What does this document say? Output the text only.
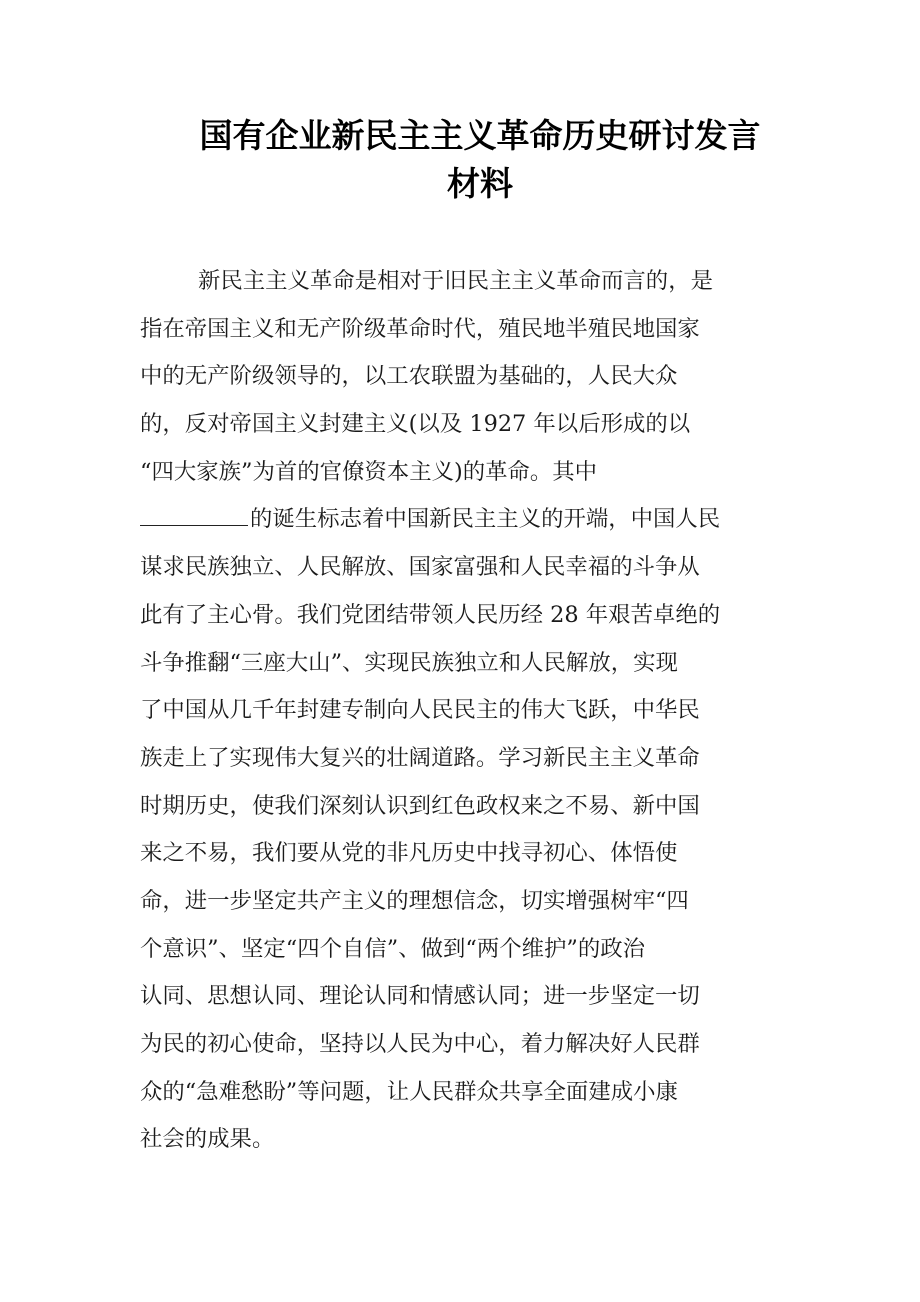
国有企业新民主主义革命历史研讨发言
材料
新民主主义革命是相对于旧民主主义革命而言的，是
指在帝国主义和无产阶级革命时代，殖民地半殖民地国家
中的无产阶级领导的，以工农联盟为基础的，人民大众
的，反对帝国主义封建主义(以及 1927 年以后形成的以
“四大家族”为首的官僚资本主义)的革命。其中
的诞生标志着中国新民主主义的开端，中国人民
谋求民族独立、人民解放、国家富强和人民幸福的斗争从
此有了主心骨。我们党团结带领人民历经 28 年艰苦卓绝的
斗争推翻“三座大山”、实现民族独立和人民解放，实现
了中国从几千年封建专制向人民民主的伟大飞跃，中华民
族走上了实现伟大复兴的壮阔道路。学习新民主主义革命
时期历史，使我们深刻认识到红色政权来之不易、新中国
来之不易，我们要从党的非凡历史中找寻初心、体悟使
命，进一步坚定共产主义的理想信念，切实增强树牢“四
个意识”、坚定“四个自信”、做到“两个维护”的政治
认同、思想认同、理论认同和情感认同；进一步坚定一切
为民的初心使命，坚持以人民为中心，着力解决好人民群
众的“急难愁盼”等问题，让人民群众共享全面建成小康
社会的成果。
